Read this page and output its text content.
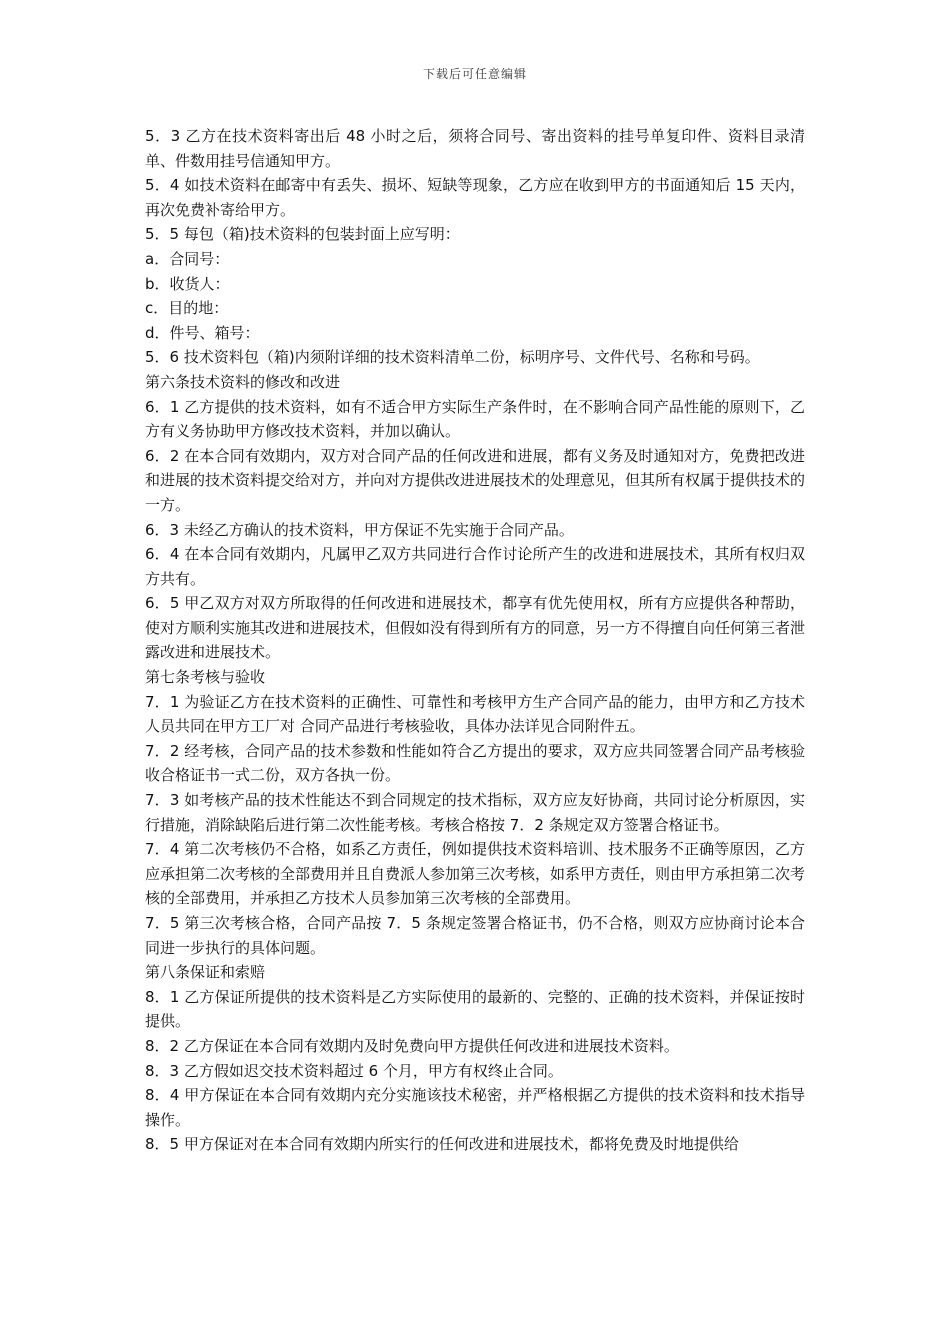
下载后可任意编辑

5．3 乙方在技术资料寄出后 48 小时之后，须将合同号、寄出资料的挂号单复印件、资料目录清单、件数用挂号信通知甲方。

5．4 如技术资料在邮寄中有丢失、损坏、短缺等现象，乙方应在收到甲方的书面通知后 15 天内，再次免费补寄给甲方。

5．5 每包（箱)技术资料的包装封面上应写明：

a．合同号：

b．收货人：

c．目的地：

d．件号、箱号：

5．6 技术资料包（箱)内须附详细的技术资料清单二份，标明序号、文件代号、名称和号码。

第六条技术资料的修改和改进

6．1 乙方提供的技术资料，如有不适合甲方实际生产条件时，在不影响合同产品性能的原则下，乙方有义务协助甲方修改技术资料，并加以确认。

6．2 在本合同有效期内，双方对合同产品的任何改进和进展，都有义务及时通知对方，免费把改进和进展的技术资料提交给对方，并向对方提供改进进展技术的处理意见，但其所有权属于提供技术的一方。

6．3 未经乙方确认的技术资料，甲方保证不先实施于合同产品。

6．4 在本合同有效期内，凡属甲乙双方共同进行合作讨论所产生的改进和进展技术，其所有权归双方共有。

6．5 甲乙双方对双方所取得的任何改进和进展技术，都享有优先使用权，所有方应提供各种帮助，使对方顺利实施其改进和进展技术，但假如没有得到所有方的同意，另一方不得擅自向任何第三者泄露改进和进展技术。

第七条考核与验收

7．1 为验证乙方在技术资料的正确性、可靠性和考核甲方生产合同产品的能力，由甲方和乙方技术人员共同在甲方工厂对 合同产品进行考核验收，具体办法详见合同附件五。

7．2 经考核，合同产品的技术参数和性能如符合乙方提出的要求，双方应共同签署合同产品考核验收合格证书一式二份，双方各执一份。

7．3 如考核产品的技术性能达不到合同规定的技术指标，双方应友好协商，共同讨论分析原因，实行措施，消除缺陷后进行第二次性能考核。考核合格按 7．2 条规定双方签署合格证书。

7．4 第二次考核仍不合格，如系乙方责任，例如提供技术资料培训、技术服务不正确等原因，乙方应承担第二次考核的全部费用并且自费派人参加第三次考核，如系甲方责任，则由甲方承担第二次考核的全部费用，并承担乙方技术人员参加第三次考核的全部费用。

7．5 第三次考核合格，合同产品按 7．5 条规定签署合格证书，仍不合格，则双方应协商讨论本合同进一步执行的具体问题。

第八条保证和索赔

8．1 乙方保证所提供的技术资料是乙方实际使用的最新的、完整的、正确的技术资料，并保证按时提供。

8．2 乙方保证在本合同有效期内及时免费向甲方提供任何改进和进展技术资料。

8．3 乙方假如迟交技术资料超过 6 个月，甲方有权终止合同。

8．4 甲方保证在本合同有效期内充分实施该技术秘密，并严格根据乙方提供的技术资料和技术指导操作。

8．5 甲方保证对在本合同有效期内所实行的任何改进和进展技术，都将免费及时地提供给
